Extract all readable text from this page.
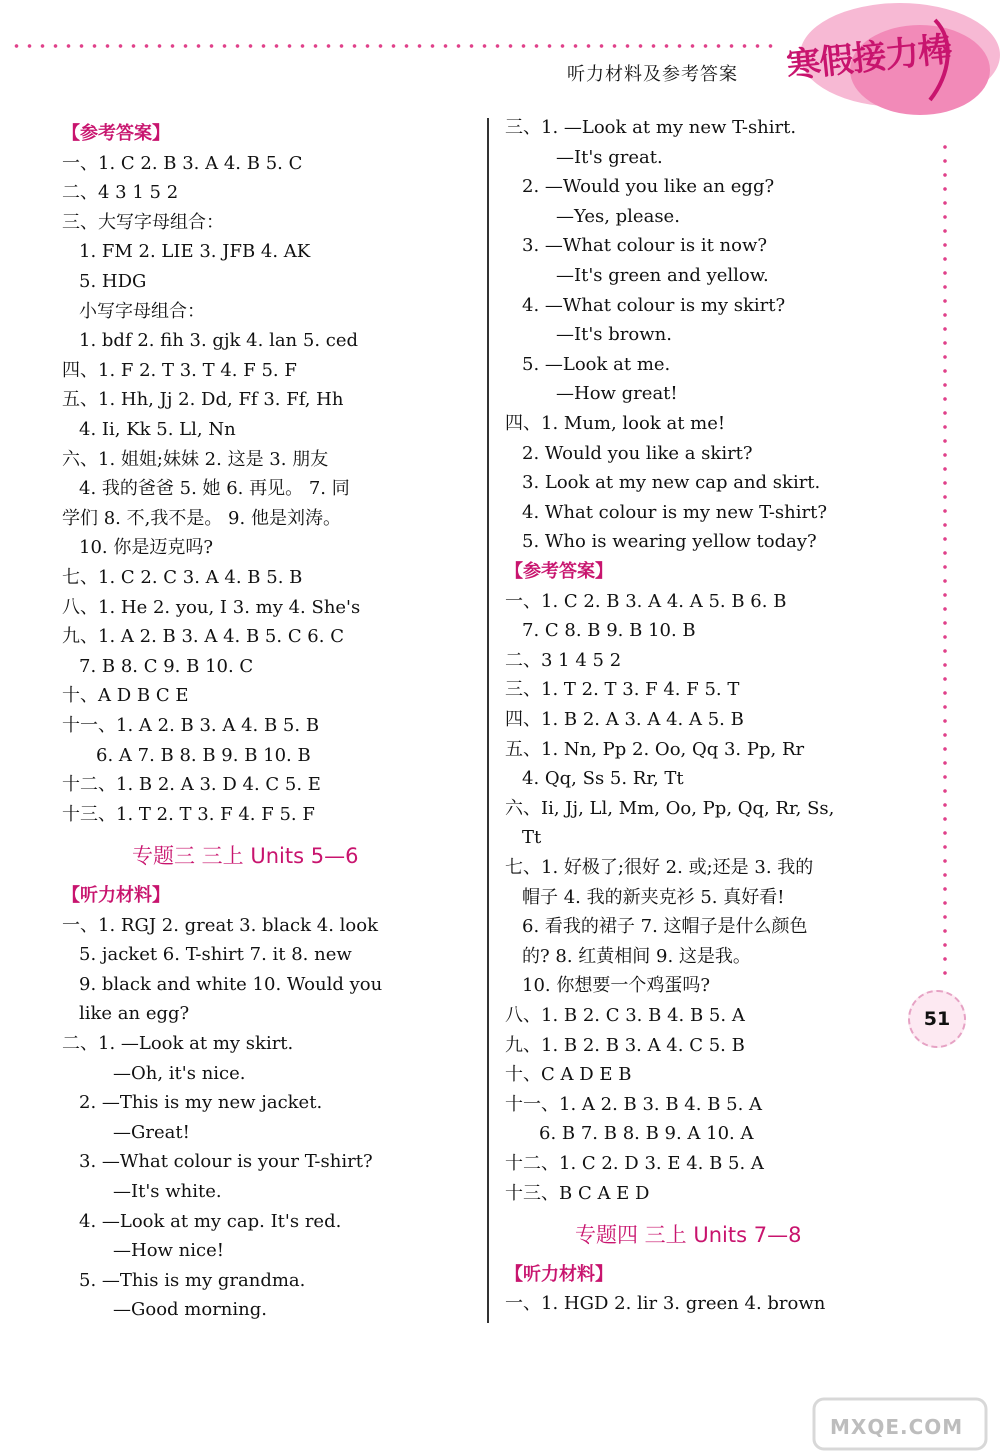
寒假接力棒
听力材料及参考答案
51
MXQE.COM
【参考答案】
一、1. C 2. B 3. A 4. B 5. C
二、4 3 1 5 2
三、大写字母组合：
1. FM 2. LIE 3. JFB 4. AK
5. HDG
小写字母组合：
1. bdf 2. fih 3. gjk 4. lan 5. ced
四、1. F 2. T 3. T 4. F 5. F
五、1. Hh, Jj 2. Dd, Ff 3. Ff, Hh
4. Ii, Kk 5. Ll, Nn
六、1. 姐姐;妹妹 2. 这是 3. 朋友
4. 我的爸爸 5. 她 6. 再见。 7. 同
学们 8. 不,我不是。 9. 他是刘涛。
10. 你是迈克吗?
七、1. C 2. C 3. A 4. B 5. B
八、1. He 2. you, I 3. my 4. She's
九、1. A 2. B 3. A 4. B 5. C 6. C
7. B 8. C 9. B 10. C
十、A D B C E
十一、1. A 2. B 3. A 4. B 5. B
6. A 7. B 8. B 9. B 10. B
十二、1. B 2. A 3. D 4. C 5. E
十三、1. T 2. T 3. F 4. F 5. F
专题三 三上 Units 5—6
【听力材料】
一、1. RGJ 2. great 3. black 4. look
5. jacket 6. T-shirt 7. it 8. new
9. black and white 10. Would you
like an egg?
二、1. —Look at my skirt.
—Oh, it's nice.
2. —This is my new jacket.
—Great!
3. —What colour is your T-shirt?
—It's white.
4. —Look at my cap. It's red.
—How nice!
5. —This is my grandma.
—Good morning.
三、1. —Look at my new T-shirt.
—It's great.
2. —Would you like an egg?
—Yes, please.
3. —What colour is it now?
—It's green and yellow.
4. —What colour is my skirt?
—It's brown.
5. —Look at me.
—How great!
四、1. Mum, look at me!
2. Would you like a skirt?
3. Look at my new cap and skirt.
4. What colour is my new T-shirt?
5. Who is wearing yellow today?
【参考答案】
一、1. C 2. B 3. A 4. A 5. B 6. B
7. C 8. B 9. B 10. B
二、3 1 4 5 2
三、1. T 2. T 3. F 4. F 5. T
四、1. B 2. A 3. A 4. A 5. B
五、1. Nn, Pp 2. Oo, Qq 3. Pp, Rr
4. Qq, Ss 5. Rr, Tt
六、Ii, Jj, Ll, Mm, Oo, Pp, Qq, Rr, Ss,
Tt
七、1. 好极了;很好 2. 或;还是 3. 我的
帽子 4. 我的新夹克衫 5. 真好看!
6. 看我的裙子 7. 这帽子是什么颜色
的? 8. 红黄相间 9. 这是我。
10. 你想要一个鸡蛋吗?
八、1. B 2. C 3. B 4. B 5. A
九、1. B 2. B 3. A 4. C 5. B
十、C A D E B
十一、1. A 2. B 3. B 4. B 5. A
6. B 7. B 8. B 9. A 10. A
十二、1. C 2. D 3. E 4. B 5. A
十三、B C A E D
专题四 三上 Units 7—8
【听力材料】
一、1. HGD 2. lir 3. green 4. brown
